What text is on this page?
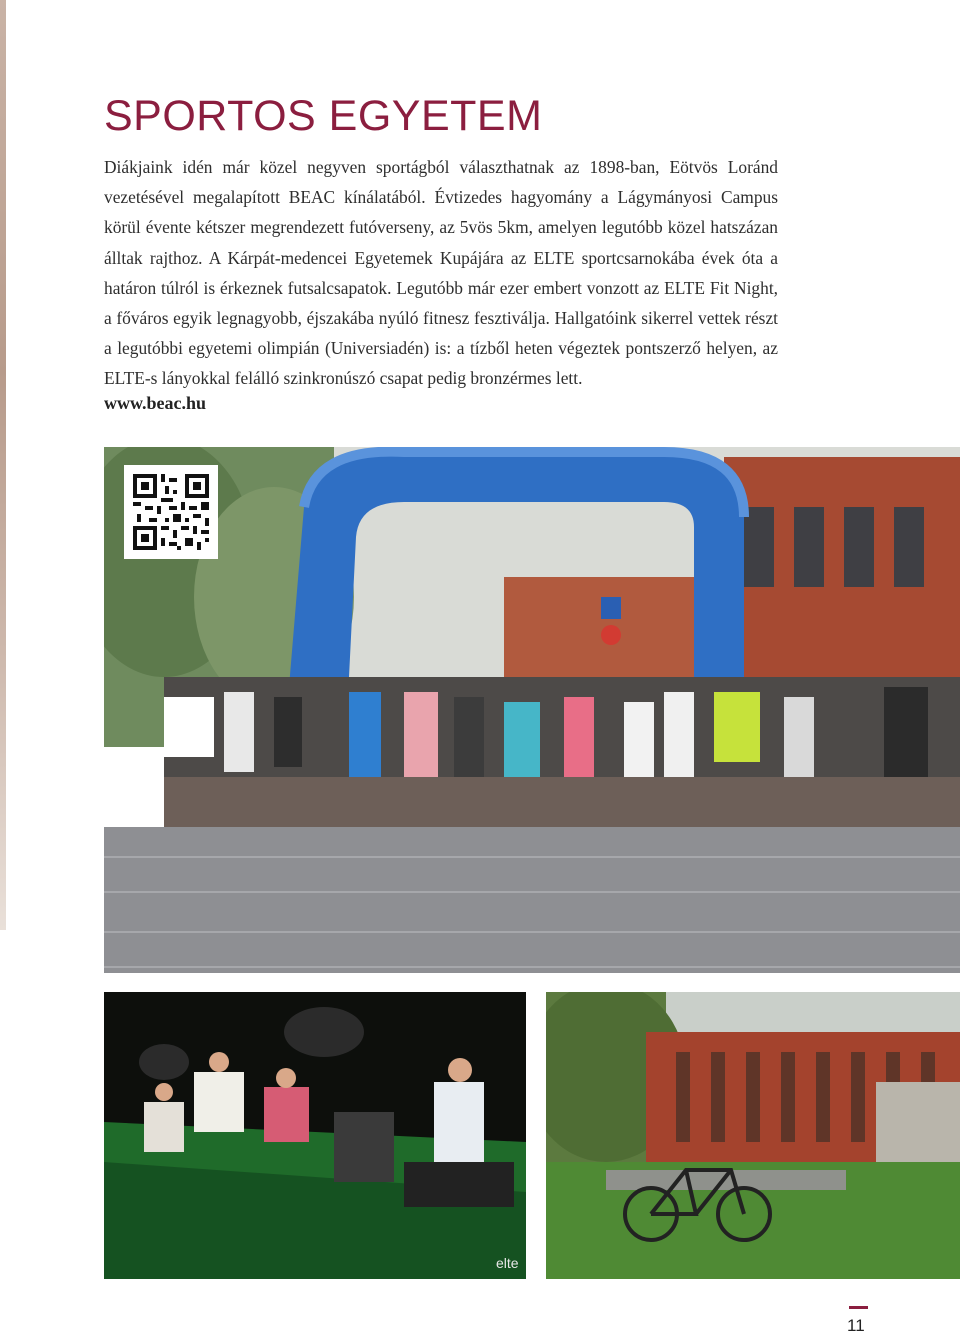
SPORTOS EGYETEM

Diákjaink idén már közel negyven sportágból választhatnak az 1898-ban, Eötvös Loránd vezetésével megalapított BEAC kínálatából. Évtizedes hagyomány a Lágymányosi Campus körül évente kétszer megrendezett futóverseny, az 5vös 5km, amelyen legutóbb közel hatszázan álltak rajthoz. A Kárpát-medencei Egyetemek Kupájára az ELTE sportcsarnokába évek óta a határon túlról is érkeznek futsalcsapatok. Legutóbb már ezer embert vonzott az ELTE Fit Night, a főváros egyik legnagyobb, éjszakába nyúló fitnesz fesztiválja. Hallgatóink sikerrel vettek részt a legutóbbi egyetemi olimpián (Universiadén) is: a tízből heten végeztek pontszerző helyen, az ELTE-s lányokkal felálló szinkronúszó csapat pedig bronzérmes lett.

www.beac.hu
elte
11
